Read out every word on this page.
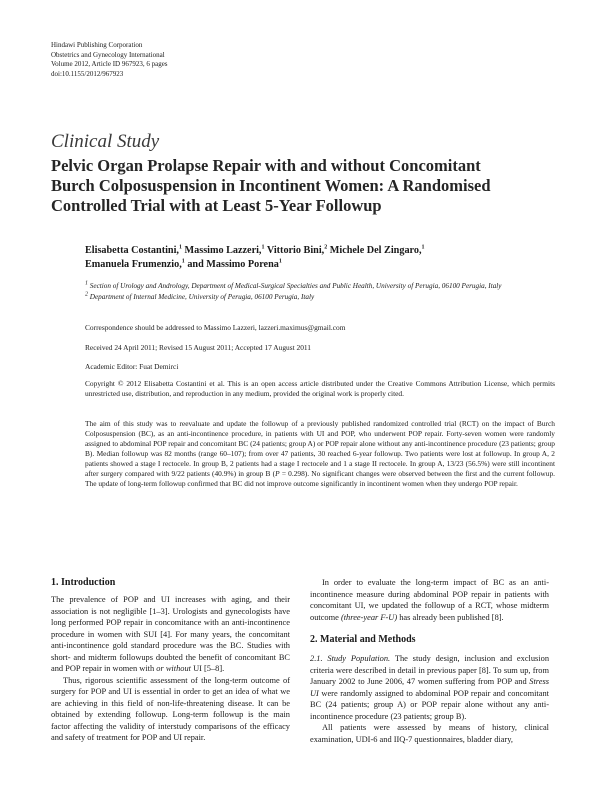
Hindawi Publishing Corporation
Obstetrics and Gynecology International
Volume 2012, Article ID 967923, 6 pages
doi:10.1155/2012/967923
Clinical Study
Pelvic Organ Prolapse Repair with and without Concomitant
Burch Colposuspension in Incontinent Women: A Randomised
Controlled Trial with at Least 5-Year Followup
Elisabetta Costantini,$^1$ Massimo Lazzeri,$^1$ Vittorio Bini,$^2$ Michele Del Zingaro,$^1$
Emanuela Frumenzio,$^1$ and Massimo Porena$^1$
$^1$ Section of Urology and Andrology, Department of Medical-Surgical Specialties and Public Health, University of Perugia, 06100 Perugia, Italy
$^2$ Department of Internal Medicine, University of Perugia, 06100 Perugia, Italy
Correspondence should be addressed to Massimo Lazzeri, lazzeri.maximus@gmail.com
Received 24 April 2011; Revised 15 August 2011; Accepted 17 August 2011
Academic Editor: Fuat Demirci
Copyright © 2012 Elisabetta Costantini et al. This is an open access article distributed under the Creative Commons Attribution License, which permits unrestricted use, distribution, and reproduction in any medium, provided the original work is properly cited.
The aim of this study was to reevaluate and update the followup of a previously published randomized controlled trial (RCT) on the impact of Burch Colposuspension (BC), as an anti-incontinence procedure, in patients with UI and POP, who underwent POP repair. Forty-seven women were randomly assigned to abdominal POP repair and concomitant BC (24 patients; group A) or POP repair alone without any anti-incontinence procedure (23 patients; group B). Median followup was 82 months (range 60–107); from over 47 patients, 30 reached 6-year followup. Two patients were lost at followup. In group A, 2 patients showed a stage I rectocele. In group B, 2 patients had a stage I rectocele and 1 a stage II rectocele. In group A, 13/23 (56.5%) were still incontinent after surgery compared with 9/22 patients (40.9%) in group B (P = 0.298). No significant changes were observed between the first and the current followup. The update of long-term followup confirmed that BC did not improve outcome significantly in incontinent women when they undergo POP repair.
1. Introduction

The prevalence of POP and UI increases with aging, and their association is not negligible [1–3]. Urologists and gynecologists have long performed POP repair in concomitance with an anti-incontinence procedure in women with SUI [4]. For many years, the concomitant anti-incontinence gold standard procedure was the BC. Studies with short- and midterm followups doubted the benefit of concomitant BC and POP repair in women with or without UI [5–8].

Thus, rigorous scientific assessment of the long-term outcome of surgery for POP and UI is essential in order to get an idea of what we are achieving in this field of non-life-threatening disease. It can be obtained by extending followup. Long-term followup is the main factor affecting the validity of interstudy comparisons of the efficacy and safety of treatment for POP and UI repair.

In order to evaluate the long-term impact of BC as an anti-incontinence measure during abdominal POP repair in patients with concomitant UI, we updated the followup of a RCT, whose midterm outcome (three-year F-U) has already been published [8].

2. Material and Methods

2.1. Study Population. The study design, inclusion and exclusion criteria were described in detail in previous paper [8]. To sum up, from January 2002 to June 2006, 47 women suffering from POP and Stress UI were randomly assigned to abdominal POP repair and concomitant BC (24 patients; group A) or POP repair alone without any anti-incontinence procedure (23 patients; group B).

All patients were assessed by means of history, clinical examination, UDI-6 and IIQ-7 questionnaires, bladder diary,
